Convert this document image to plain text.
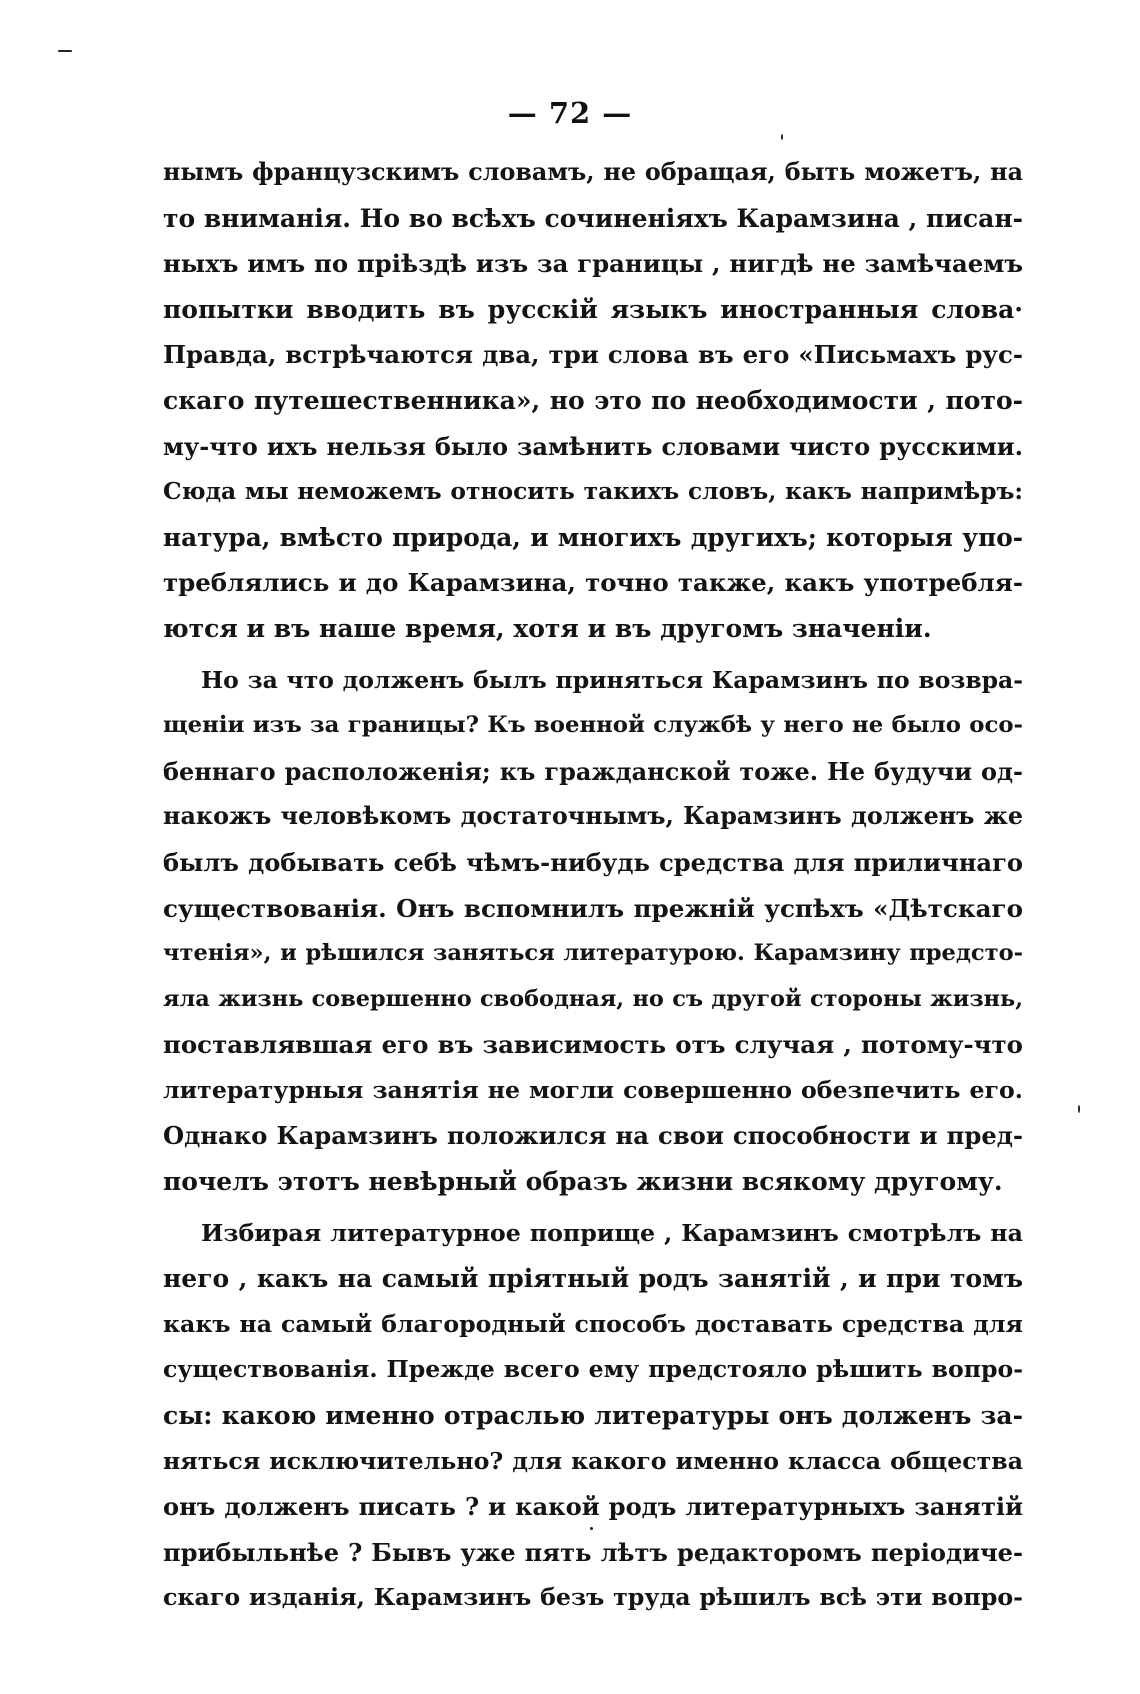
— 72 —
нымъ французскимъ словамъ, не обращая, быть можетъ, на
то вниманія. Но во всѣхъ сочиненіяхъ Карамзина , писан-
ныхъ имъ по пріѣздѣ изъ за границы , нигдѣ не замѣчаемъ
попытки вводить въ русскій языкъ иностранныя слова·
Правда, встрѣчаются два, три слова въ его «Письмахъ рус-
скаго путешественника», но это по необходимости , пото-
му-что ихъ нельзя было замѣнить словами чисто русскими.
Сюда мы неможемъ относить такихъ словъ, какъ напримѣръ:
натура, вмѣсто природа, и многихъ другихъ; которыя упо-
треблялись и до Карамзина, точно также, какъ употребля-
ются и въ наше время, хотя и въ другомъ значеніи.
Но за что долженъ былъ приняться Карамзинъ по возвра-
щеніи изъ за границы? Къ военной службѣ у него не было осо-
беннаго расположенія; къ гражданской тоже. Не будучи од-
накожъ человѣкомъ достаточнымъ, Карамзинъ долженъ же
былъ добывать себѣ чѣмъ-нибудь средства для приличнаго
существованія. Онъ вспомнилъ прежній успѣхъ «Дѣтскаго
чтенія», и рѣшился заняться литературою. Карамзину предсто-
яла жизнь совершенно свободная, но съ другой стороны жизнь,
поставлявшая его въ зависимость отъ случая , потому-что
литературныя занятія не могли совершенно обезпечить его.
Однако Карамзинъ положился на свои способности и пред-
почелъ этотъ невѣрный образъ жизни всякому другому.
Избирая литературное поприще , Карамзинъ смотрѣлъ на
него , какъ на самый пріятный родъ занятій , и при томъ
какъ на самый благородный способъ доставать средства для
существованія. Прежде всего ему предстояло рѣшить вопро-
сы: какою именно отраслью литературы онъ долженъ за-
няться исключительно? для какого именно класса общества
онъ долженъ писать ? и какой родъ литературныхъ занятій
прибыльнѣе ? Бывъ уже пять лѣтъ редакторомъ періодиче-
скаго изданія, Карамзинъ безъ труда рѣшилъ всѣ эти вопро-
